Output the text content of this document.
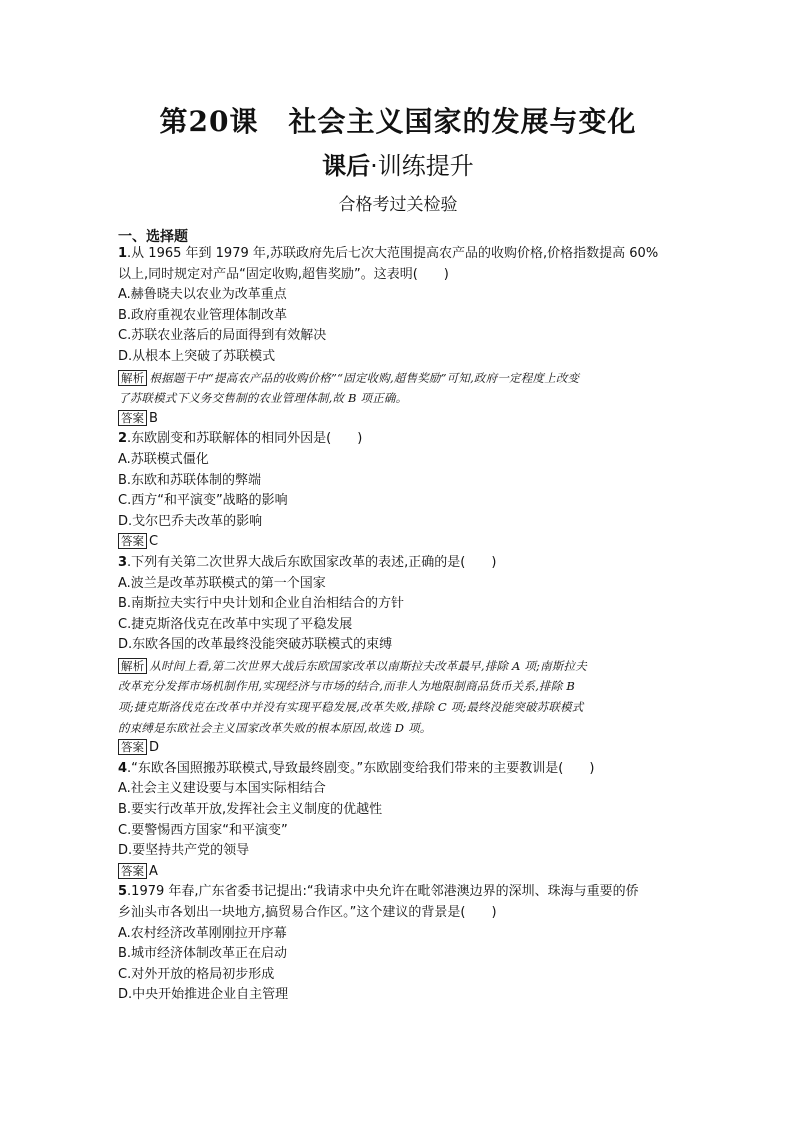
第20课 社会主义国家的发展与变化
课后·训练提升
合格考过关检验
一、选择题
1.从 1965 年到 1979 年,苏联政府先后七次大范围提高农产品的收购价格,价格指数提高 60%
以上,同时规定对产品“固定收购,超售奖励”。这表明(　　)
A.赫鲁晓夫以农业为改革重点
B.政府重视农业管理体制改革
C.苏联农业落后的局面得到有效解决
D.从根本上突破了苏联模式
解析 根据题干中“提高农产品的收购价格”“固定收购,超售奖励”可知,政府一定程度上改变
了苏联模式下义务交售制的农业管理体制,故 B 项正确。
答案 B
2.东欧剧变和苏联解体的相同外因是(　　)
A.苏联模式僵化
B.东欧和苏联体制的弊端
C.西方“和平演变”战略的影响
D.戈尔巴乔夫改革的影响
答案 C
3.下列有关第二次世界大战后东欧国家改革的表述,正确的是(　　)
A.波兰是改革苏联模式的第一个国家
B.南斯拉夫实行中央计划和企业自治相结合的方针
C.捷克斯洛伐克在改革中实现了平稳发展
D.东欧各国的改革最终没能突破苏联模式的束缚
解析 从时间上看,第二次世界大战后东欧国家改革以南斯拉夫改革最早,排除 A 项;南斯拉夫
改革充分发挥市场机制作用,实现经济与市场的结合,而非人为地限制商品货币关系,排除 B
项;捷克斯洛伐克在改革中并没有实现平稳发展,改革失败,排除 C 项;最终没能突破苏联模式
的束缚是东欧社会主义国家改革失败的根本原因,故选 D 项。
答案 D
4.“东欧各国照搬苏联模式,导致最终剧变。”东欧剧变给我们带来的主要教训是(　　)
A.社会主义建设要与本国实际相结合
B.要实行改革开放,发挥社会主义制度的优越性
C.要警惕西方国家“和平演变”
D.要坚持共产党的领导
答案 A
5.1979 年春,广东省委书记提出:“我请求中央允许在毗邻港澳边界的深圳、珠海与重要的侨
乡汕头市各划出一块地方,搞贸易合作区。”这个建议的背景是(　　)
A.农村经济改革刚刚拉开序幕
B.城市经济体制改革正在启动
C.对外开放的格局初步形成
D.中央开始推进企业自主管理
